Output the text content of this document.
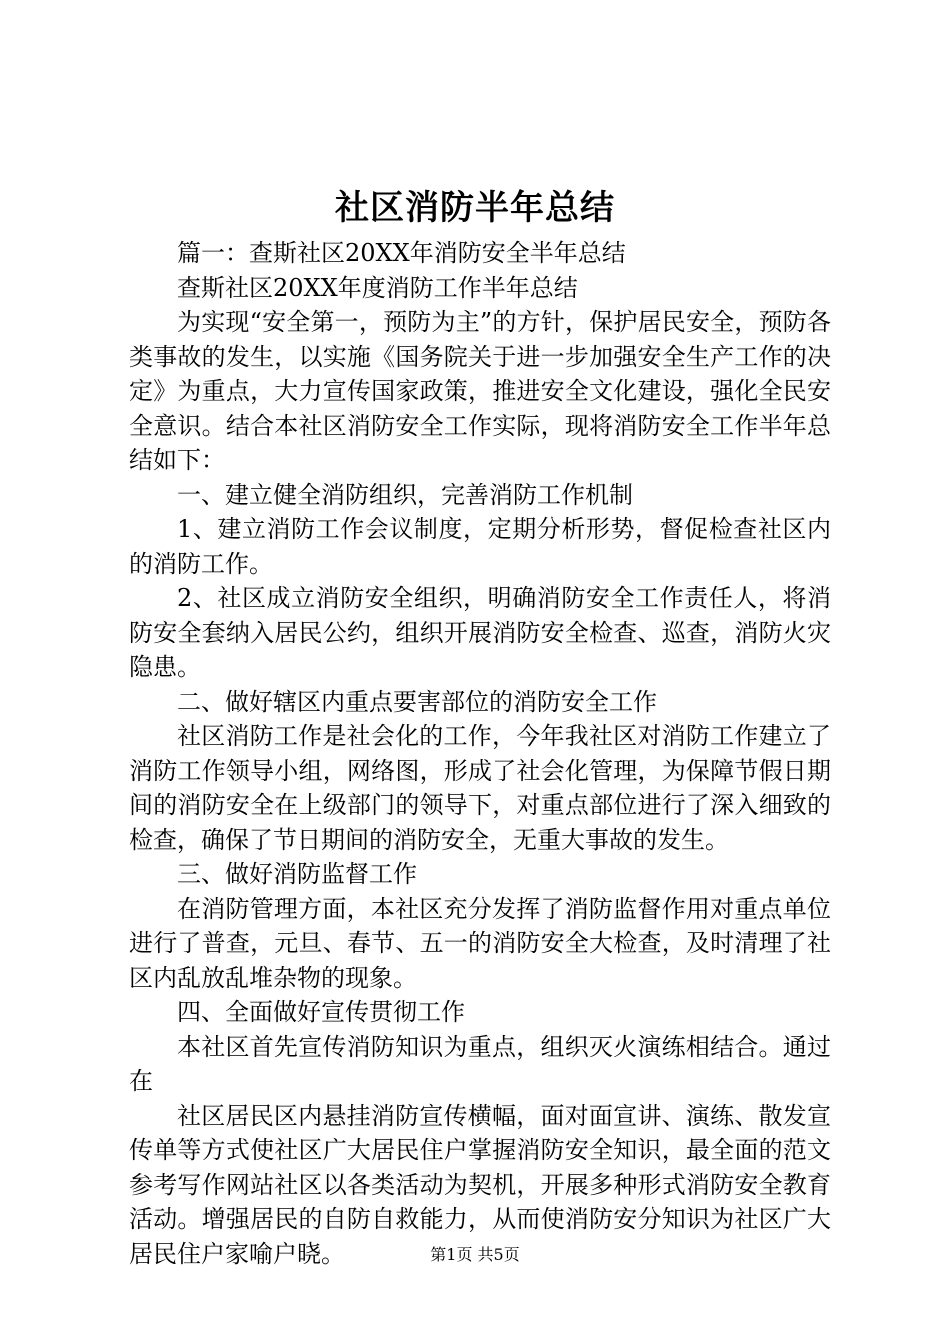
社区消防半年总结

篇一：查斯社区20XX年消防安全半年总结

查斯社区20XX年度消防工作半年总结

为实现“安全第一，预防为主”的方针，保护居民安全，预防各类事故的发生，以实施《国务院关于进一步加强安全生产工作的决定》为重点，大力宣传国家政策，推进安全文化建设，强化全民安全意识。结合本社区消防安全工作实际，现将消防安全工作半年总结如下：

一、建立健全消防组织，完善消防工作机制

1、建立消防工作会议制度，定期分析形势，督促检查社区内的消防工作。

2、社区成立消防安全组织，明确消防安全工作责任人，将消防安全套纳入居民公约，组织开展消防安全检查、巡查，消防火灾隐患。

二、做好辖区内重点要害部位的消防安全工作

社区消防工作是社会化的工作，今年我社区对消防工作建立了消防工作领导小组，网络图，形成了社会化管理，为保障节假日期间的消防安全在上级部门的领导下，对重点部位进行了深入细致的检查，确保了节日期间的消防安全，无重大事故的发生。

三、做好消防监督工作

在消防管理方面，本社区充分发挥了消防监督作用对重点单位进行了普查，元旦、春节、五一的消防安全大检查，及时清理了社区内乱放乱堆杂物的现象。

四、全面做好宣传贯彻工作

本社区首先宣传消防知识为重点，组织灭火演练相结合。通过在

社区居民区内悬挂消防宣传横幅，面对面宣讲、演练、散发宣传单等方式使社区广大居民住户掌握消防安全知识，最全面的范文参考写作网站社区以各类活动为契机，开展多种形式消防安全教育活动。增强居民的自防自救能力，从而使消防安分知识为社区广大居民住户家喻户晓。	第1页 共5页
